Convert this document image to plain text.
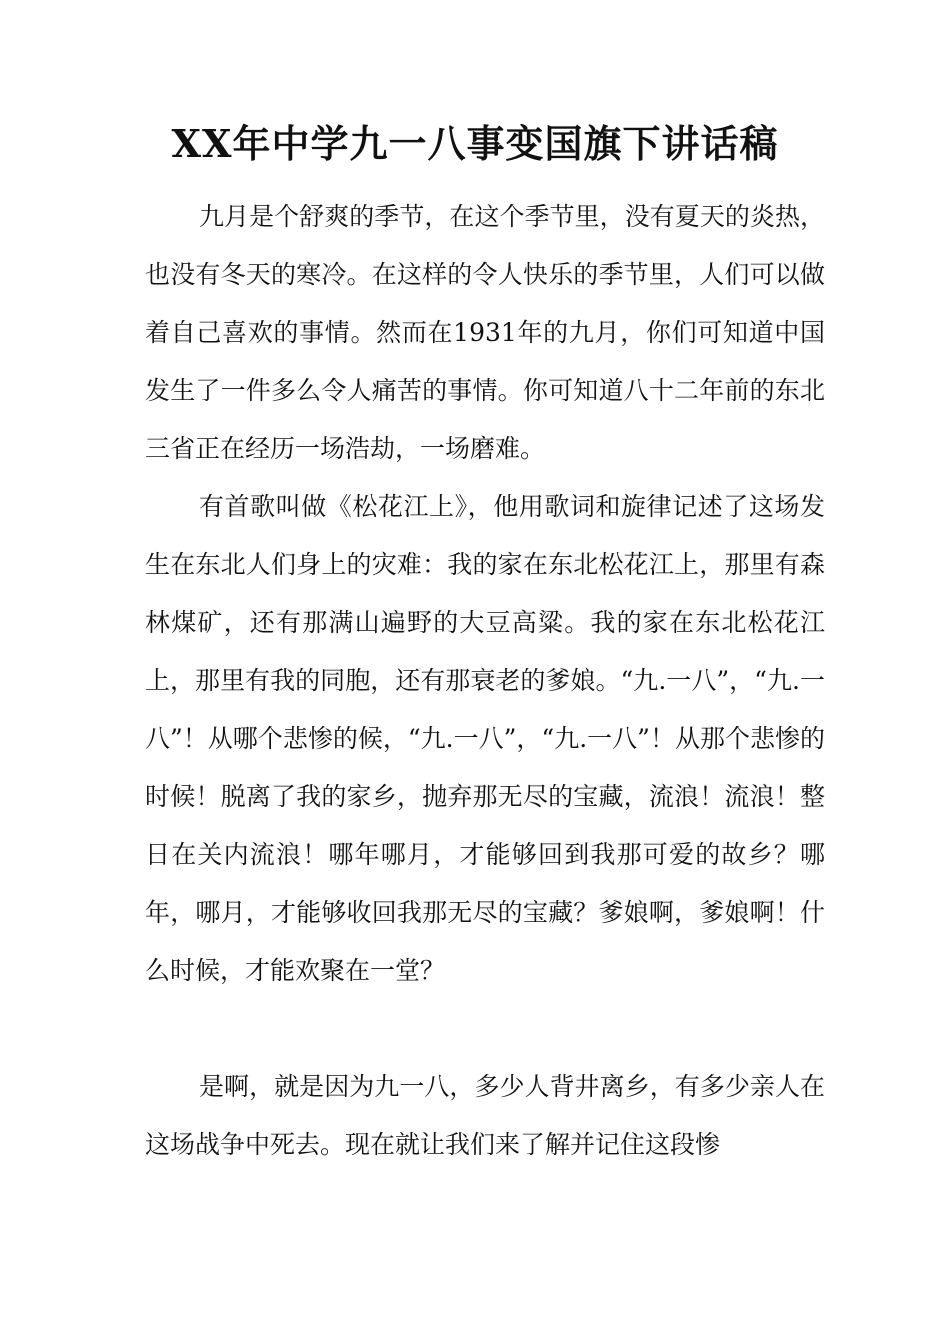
XX年中学九一八事变国旗下讲话稿

九月是个舒爽的季节，在这个季节里，没有夏天的炎热，也没有冬天的寒冷。在这样的令人快乐的季节里，人们可以做着自己喜欢的事情。然而在1931年的九月，你们可知道中国发生了一件多么令人痛苦的事情。你可知道八十二年前的东北三省正在经历一场浩劫，一场磨难。

有首歌叫做《松花江上》，他用歌词和旋律记述了这场发生在东北人们身上的灾难：我的家在东北松花江上，那里有森林煤矿，还有那满山遍野的大豆高粱。我的家在东北松花江上，那里有我的同胞，还有那衰老的爹娘。“九.一八”，“九.一八”！从哪个悲惨的候，“九.一八”，“九.一八”！从那个悲惨的时候！脱离了我的家乡，抛弃那无尽的宝藏，流浪！流浪！整日在关内流浪！哪年哪月，才能够回到我那可爱的故乡？哪年，哪月，才能够收回我那无尽的宝藏？爹娘啊，爹娘啊！什么时候，才能欢聚在一堂？

是啊，就是因为九一八，多少人背井离乡，有多少亲人在这场战争中死去。现在就让我们来了解并记住这段惨
